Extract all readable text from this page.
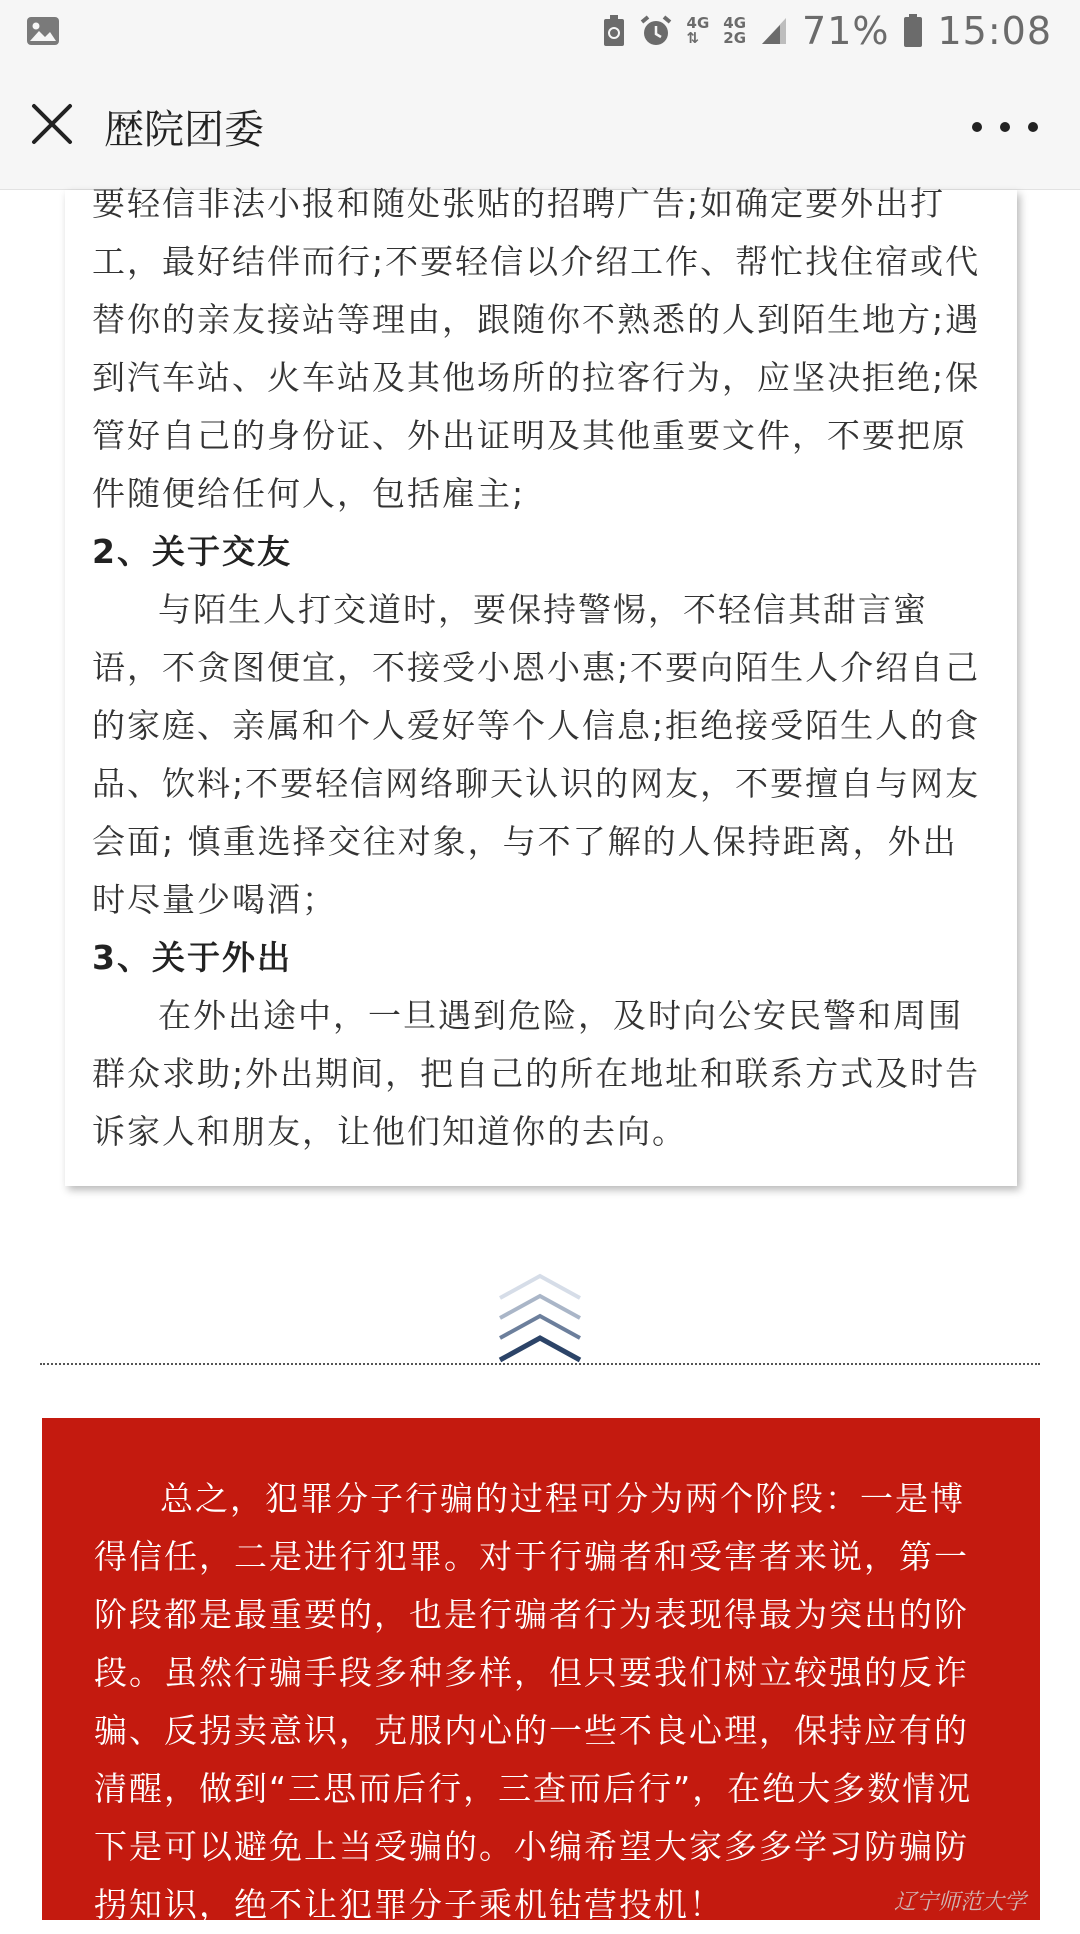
4G
⇅
4G
2G 71% 15:08
歴院团委

要轻信非法小报和随处张贴的招聘广告;如确定要外出打工，最好结伴而行;不要轻信以介绍工作、帮忙找住宿或代替你的亲友接站等理由，跟随你不熟悉的人到陌生地方;遇到汽车站、火车站及其他场所的拉客行为，应坚决拒绝;保管好自己的身份证、外出证明及其他重要文件，不要把原件随便给任何人，包括雇主;

2、关于交友

与陌生人打交道时，要保持警惕，不轻信其甜言蜜语，不贪图便宜，不接受小恩小惠;不要向陌生人介绍自己的家庭、亲属和个人爱好等个人信息;拒绝接受陌生人的食品、饮料;不要轻信网络聊天认识的网友，不要擅自与网友会面; 慎重选择交往对象，与不了解的人保持距离，外出时尽量少喝酒；

3、关于外出

在外出途中，一旦遇到危险，及时向公安民警和周围群众求助;外出期间，把自己的所在地址和联系方式及时告诉家人和朋友，让他们知道你的去向。

总之，犯罪分子行骗的过程可分为两个阶段：一是博得信任，二是进行犯罪。对于行骗者和受害者来说，第一阶段都是最重要的，也是行骗者行为表现得最为突出的阶段。虽然行骗手段多种多样，但只要我们树立较强的反诈骗、反拐卖意识，克服内心的一些不良心理，保持应有的清醒，做到“三思而后行，三查而后行”，在绝大多数情况下是可以避免上当受骗的。小编希望大家多多学习防骗防拐知识，绝不让犯罪分子乘机钻营投机！	辽宁师范大学
